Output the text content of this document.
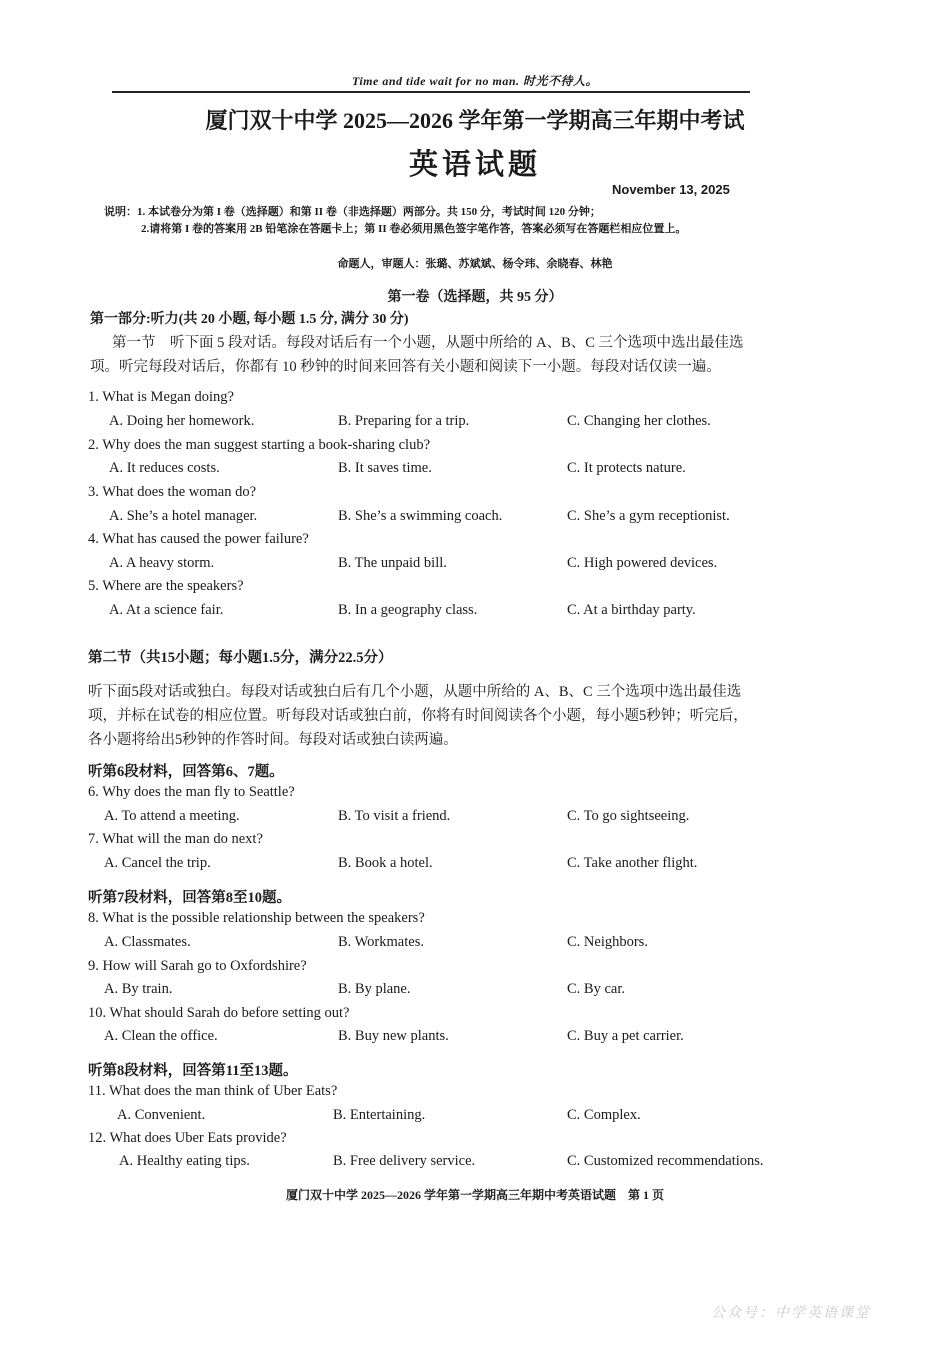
Time and tide wait for no man. 时光不待人。
厦门双十中学 2025—2026 学年第一学期高三年期中考试
英语试题
November 13, 2025
说明：1. 本试卷分为第 I 卷（选择题）和第 II 卷（非选择题）两部分。共 150 分，考试时间 120 分钟；
2.请将第 I 卷的答案用 2B 铅笔涂在答题卡上；第 II 卷必须用黑色签字笔作答，答案必须写在答题栏相应位置上。
命题人，审题人：张璐、苏斌斌、杨令玮、余晓春、林艳
第一卷（选择题，共 95 分）
第一部分:听力(共 20 小题, 每小题 1.5 分, 满分 30 分)
第一节　听下面 5 段对话。每段对话后有一个小题，从题中所给的 A、B、C 三个选项中选出最佳选
项。听完每段对话后，你都有 10 秒钟的时间来回答有关小题和阅读下一小题。每段对话仅读一遍。
1. What is Megan doing?
A. Doing her homework.	B. Preparing for a trip.	C. Changing her clothes.
2. Why does the man suggest starting a book-sharing club?
A. It reduces costs.	B. It saves time.	C. It protects nature.
3. What does the woman do?
A. She’s a hotel manager.	B. She’s a swimming coach.	C. She’s a gym receptionist.
4. What has caused the power failure?
A. A heavy storm.	B. The unpaid bill.	C. High powered devices.
5. Where are the speakers?
A. At a science fair.	B. In a geography class.	C. At a birthday party.
第二节（共15小题；每小题1.5分，满分22.5分）
听下面5段对话或独白。每段对话或独白后有几个小题，从题中所给的 A、B、C 三个选项中选出最佳选
项，并标在试卷的相应位置。听每段对话或独白前，你将有时间阅读各个小题，每小题5秒钟；听完后，
各小题将给出5秒钟的作答时间。每段对话或独白读两遍。
听第6段材料，回答第6、7题。
6. Why does the man fly to Seattle?
A. To attend a meeting.	B. To visit a friend.	C. To go sightseeing.
7. What will the man do next?
A. Cancel the trip.	B. Book a hotel.	C. Take another flight.
听第7段材料，回答第8至10题。
8. What is the possible relationship between the speakers?
A. Classmates.	B. Workmates.	C. Neighbors.
9. How will Sarah go to Oxfordshire?
A. By train.	B. By plane.	C. By car.
10. What should Sarah do before setting out?
A. Clean the office.	B. Buy new plants.	C. Buy a pet carrier.
听第8段材料，回答第11至13题。
11. What does the man think of Uber Eats?
A. Convenient.	B. Entertaining.	C. Complex.
12. What does Uber Eats provide?
A. Healthy eating tips.	B. Free delivery service.	C. Customized recommendations.
厦门双十中学 2025—2026 学年第一学期高三年期中考英语试题　第 1 页
公众号：中学英语课堂
